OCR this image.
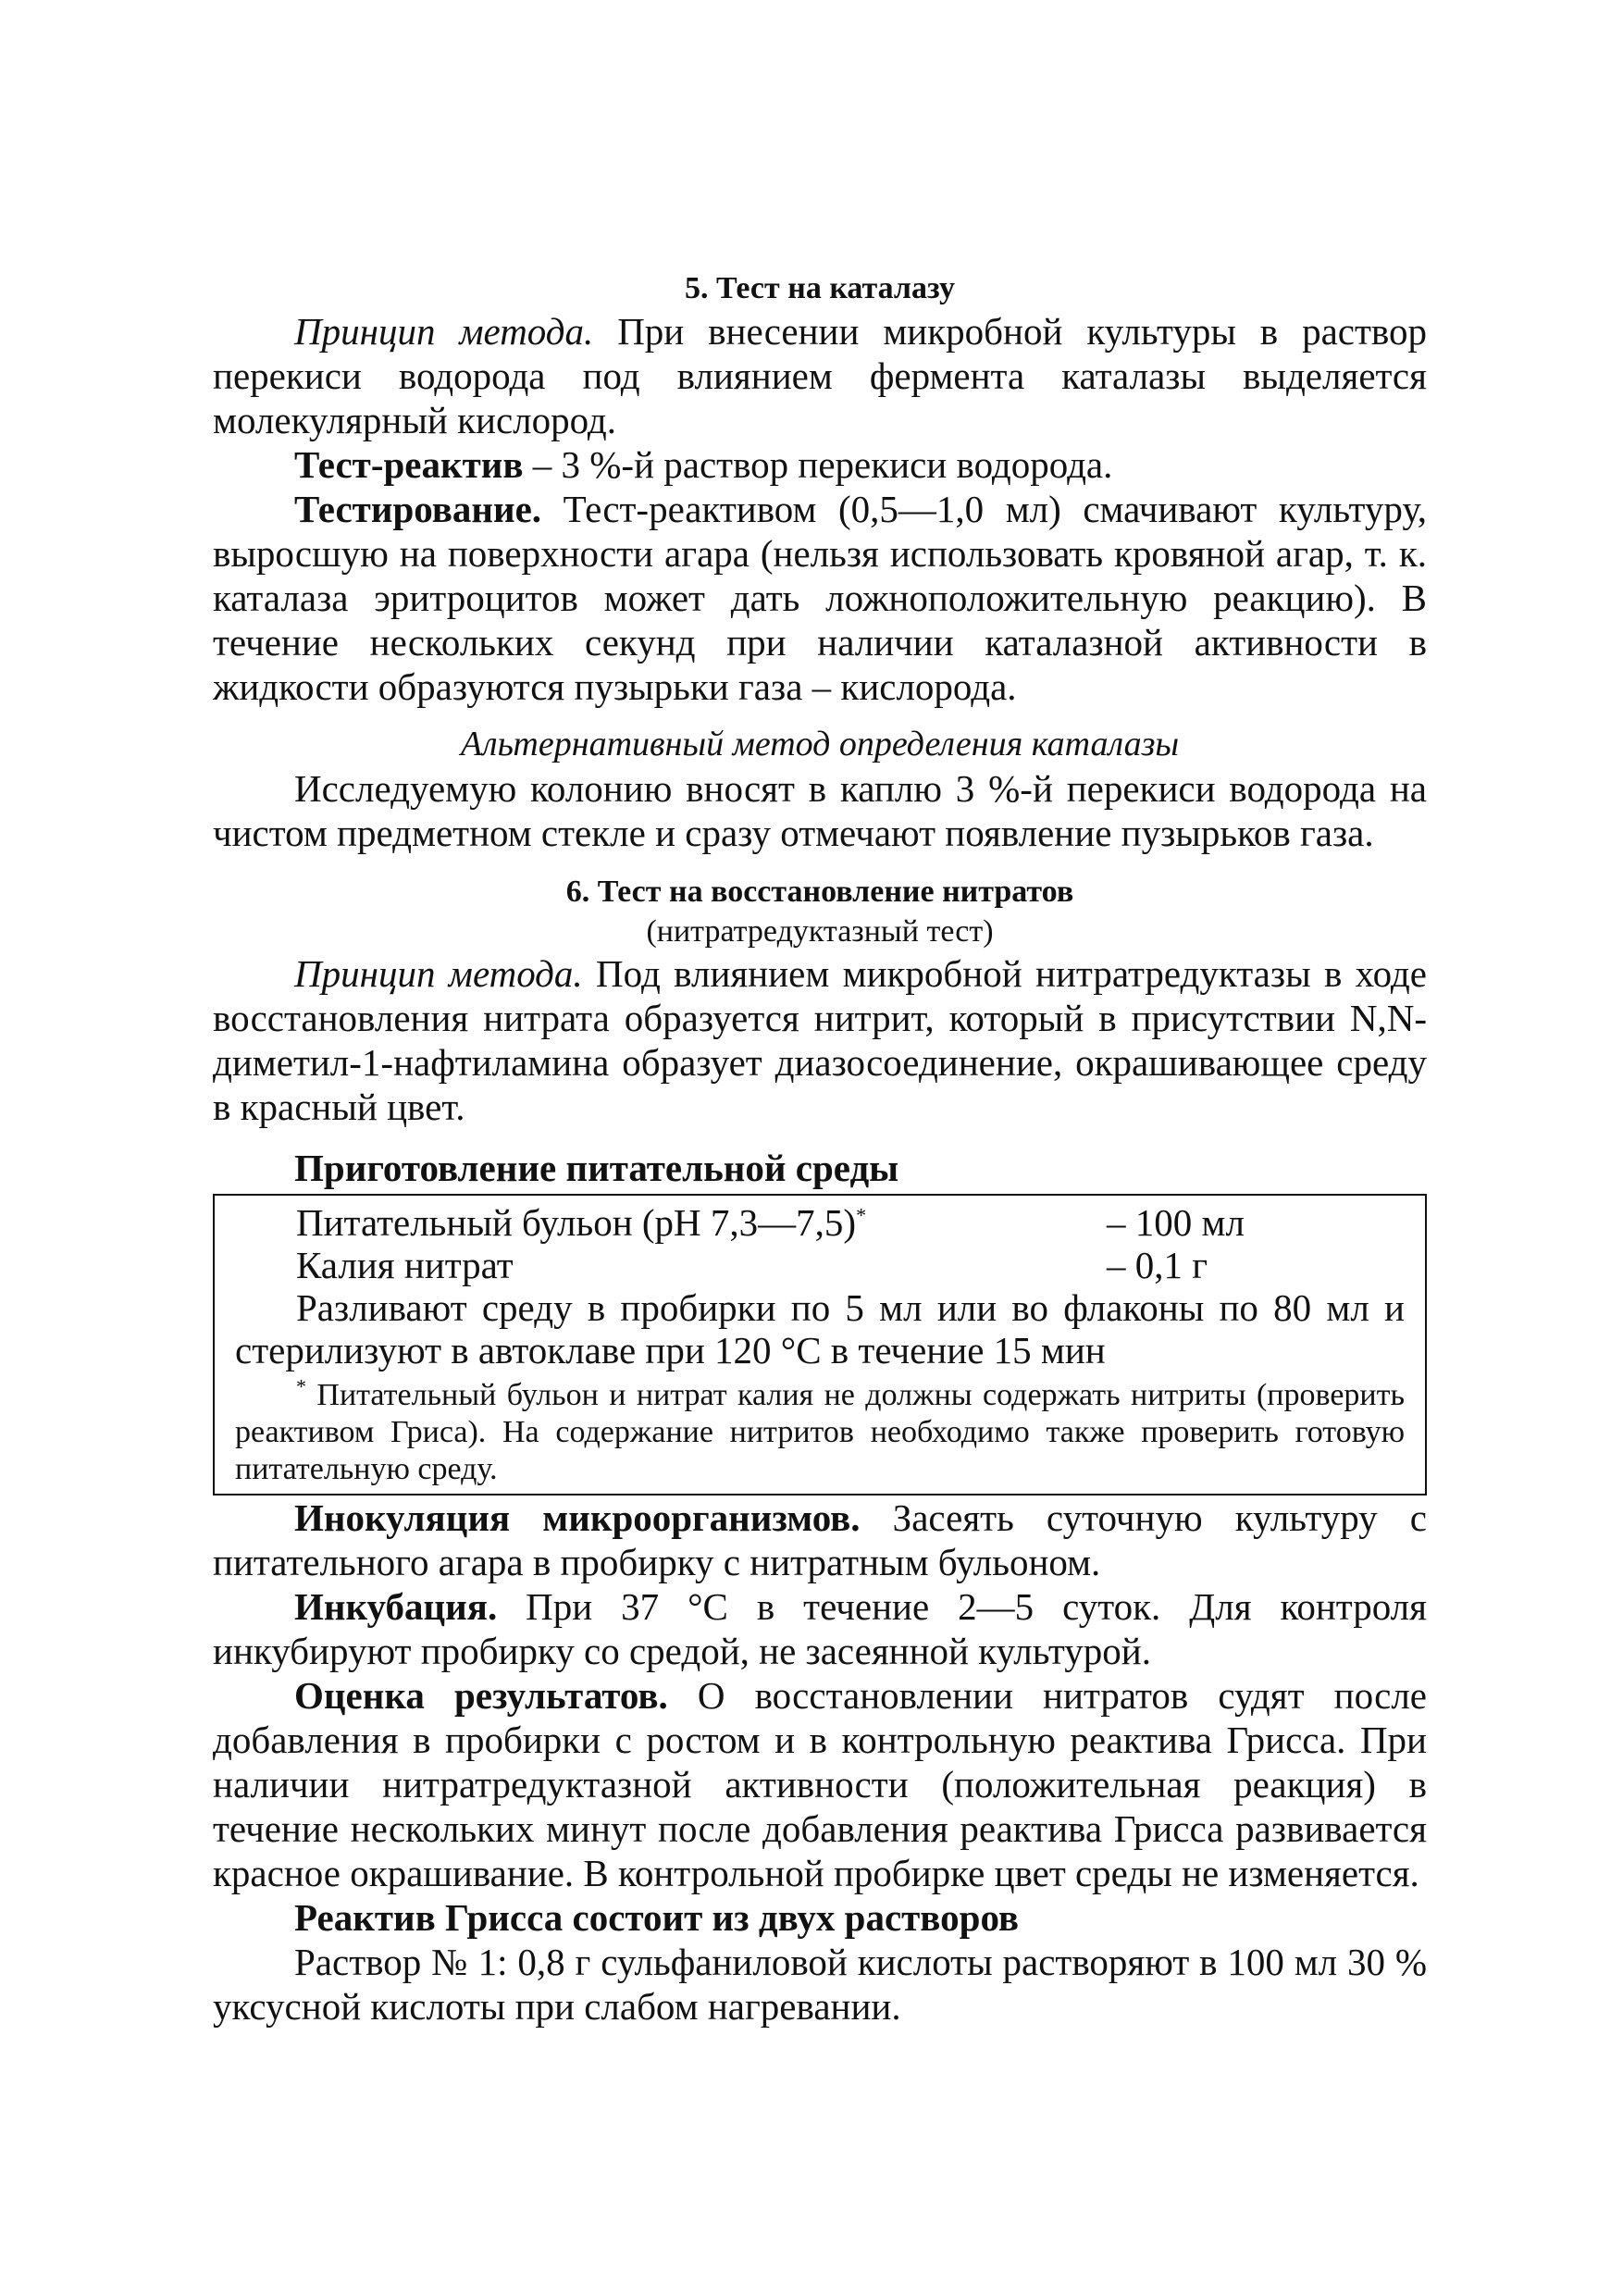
5. Тест на каталазу

Принцип метода. При внесении микробной культуры в раствор перекиси водорода под влиянием фермента каталазы выделяется молекулярный кислород.

Тест-реактив – 3 %-й раствор перекиси водорода.

Тестирование. Тест-реактивом (0,5—1,0 мл) смачивают культуру, выросшую на поверхности агара (нельзя использовать кровяной агар, т. к. каталаза эритроцитов может дать ложноположительную реакцию). В течение нескольких секунд при наличии каталазной активности в жидкости образуются пузырьки газа – кислорода.

Альтернативный метод определения каталазы

Исследуемую колонию вносят в каплю 3 %-й перекиси водорода на чистом предметном стекле и сразу отмечают появление пузырьков газа.

6. Тест на восстановление нитратов
(нитратредуктазный тест)

Принцип метода. Под влиянием микробной нитратредуктазы в ходе восстановления нитрата образуется нитрит, который в присутствии N,N-диметил-1-нафтиламина образует диазосоединение, окрашивающее среду в красный цвет.

Приготовление питательной среды

Питательный бульон (рН 7,3—7,5)*	– 100 мл
Калия нитрат	– 0,1 г

Разливают среду в пробирки по 5 мл или во флаконы по 80 мл и стерилизуют в автоклаве при 120 °С в течение 15 мин

* Питательный бульон и нитрат калия не должны содержать нитриты (проверить реактивом Гриса). На содержание нитритов необходимо также проверить готовую питательную среду.

Инокуляция микроорганизмов. Засеять суточную культуру с питательного агара в пробирку с нитратным бульоном.

Инкубация. При 37 °С в течение 2—5 суток. Для контроля инкубируют пробирку со средой, не засеянной культурой.

Оценка результатов. О восстановлении нитратов судят после добавления в пробирки с ростом и в контрольную реактива Грисса. При наличии нитратредуктазной активности (положительная реакция) в течение нескольких минут после добавления реактива Грисса развивается красное окрашивание. В контрольной пробирке цвет среды не изменяется.

Реактив Грисса состоит из двух растворов

Раствор № 1: 0,8 г сульфаниловой кислоты растворяют в 100 мл 30 % уксусной кислоты при слабом нагревании.
